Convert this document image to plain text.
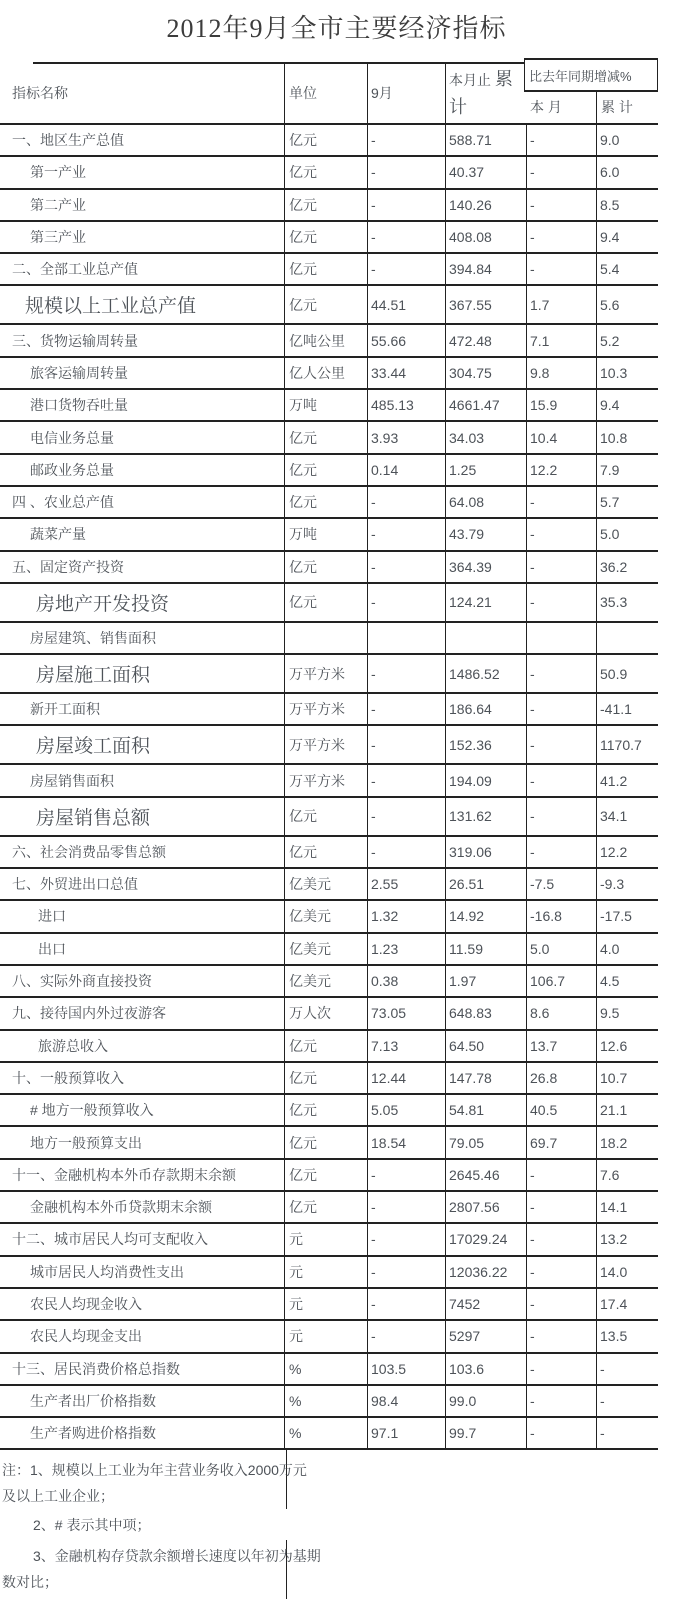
2012年9月全市主要经济指标
指标名称	单位	9月
本月止 累
计
比去年同期增减%
本 月	累 计
一、地区生产总值	亿元	-	588.71	-	9.0
第一产业	亿元	-	40.37	-	6.0
第二产业	亿元	-	140.26	-	8.5
第三产业	亿元	-	408.08	-	9.4
二、全部工业总产值	亿元	-	394.84	-	5.4
规模以上工业总产值	亿元	44.51	367.55	1.7	5.6
三、货物运输周转量	亿吨公里	55.66	472.48	7.1	5.2
旅客运输周转量	亿人公里	33.44	304.75	9.8	10.3
港口货物吞吐量	万吨	485.13	4661.47	15.9	9.4
电信业务总量	亿元	3.93	34.03	10.4	10.8
邮政业务总量	亿元	0.14	1.25	12.2	7.9
四 、农业总产值	亿元	-	64.08	-	5.7
蔬菜产量	万吨	-	43.79	-	5.0
五、固定资产投资	亿元	-	364.39	-	36.2
房地产开发投资	亿元	-	124.21	-	35.3
房屋建筑、销售面积
房屋施工面积	万平方米	-	1486.52	-	50.9
新开工面积	万平方米	-	186.64	-	-41.1
房屋竣工面积	万平方米	-	152.36	-	1170.7
房屋销售面积	万平方米	-	194.09	-	41.2
房屋销售总额	亿元	-	131.62	-	34.1
六、社会消费品零售总额	亿元	-	319.06	-	12.2
七、外贸进出口总值	亿美元	2.55	26.51	-7.5	-9.3
进口	亿美元	1.32	14.92	-16.8	-17.5
出口	亿美元	1.23	11.59	5.0	4.0
八、实际外商直接投资	亿美元	0.38	1.97	106.7	4.5
九、接待国内外过夜游客	万人次	73.05	648.83	8.6	9.5
旅游总收入	亿元	7.13	64.50	13.7	12.6
十、一般预算收入	亿元	12.44	147.78	26.8	10.7
# 地方一般预算收入	亿元	5.05	54.81	40.5	21.1
地方一般预算支出	亿元	18.54	79.05	69.7	18.2
十一、金融机构本外币存款期末余额	亿元	-	2645.46	-	7.6
金融机构本外币贷款期末余额	亿元	-	2807.56	-	14.1
十二、城市居民人均可支配收入	元	-	17029.24	-	13.2
城市居民人均消费性支出	元	-	12036.22	-	14.0
农民人均现金收入	元	-	7452	-	17.4
农民人均现金支出	元	-	5297	-	13.5
十三、居民消费价格总指数	%	103.5	103.6	-	-
生产者出厂价格指数	%	98.4	99.0	-	-
生产者购进价格指数	%	97.1	99.7	-	-
注：1、规模以上工业为年主营业务收入2000万元
及以上工业企业；
2、# 表示其中项；
3、金融机构存贷款余额增长速度以年初为基期
数对比；
